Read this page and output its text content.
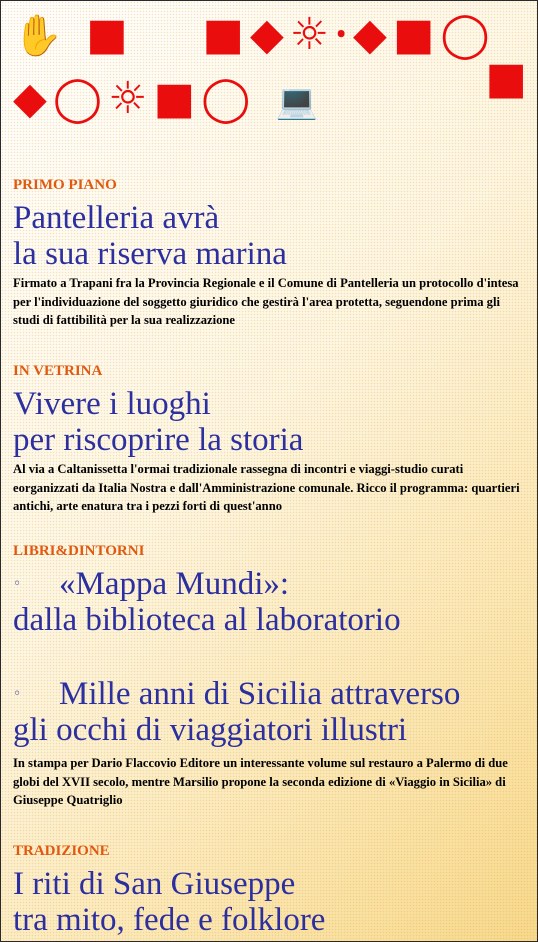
✋ ■   ■◆☼⸱◆■◯
■
◆◯☼■◯ 💻
PRIMO PIANO
Pantelleria avrà
la sua riserva marina
Firmato a Trapani fra la Provincia Regionale e il Comune di Pantelleria un protocollo d'intesa per l'individuazione del soggetto giuridico che gestirà l'area protetta, seguendone prima gli studi di fattibilità per la sua realizzazione
IN VETRINA
Vivere i luoghi
per riscoprire la storia
Al via a Caltanissetta l'ormai tradizionale rassegna di incontri e viaggi-studio curati eorganizzati da Italia Nostra e dall'Amministrazione comunale. Ricco il programma: quartieri antichi, arte enatura tra i pezzi forti di quest'anno
LIBRI&DINTORNI
◦ «Mappa Mundi»:
dalla biblioteca al laboratorio
◦ Mille anni di Sicilia attraverso
gli occhi di viaggiatori illustri
In stampa per Dario Flaccovio Editore un interessante volume sul restauro a Palermo di due globi del XVII secolo, mentre Marsilio propone la seconda edizione di «Viaggio in Sicilia» di Giuseppe Quatriglio
TRADIZIONE
I riti di San Giuseppe
tra mito, fede e folklore
